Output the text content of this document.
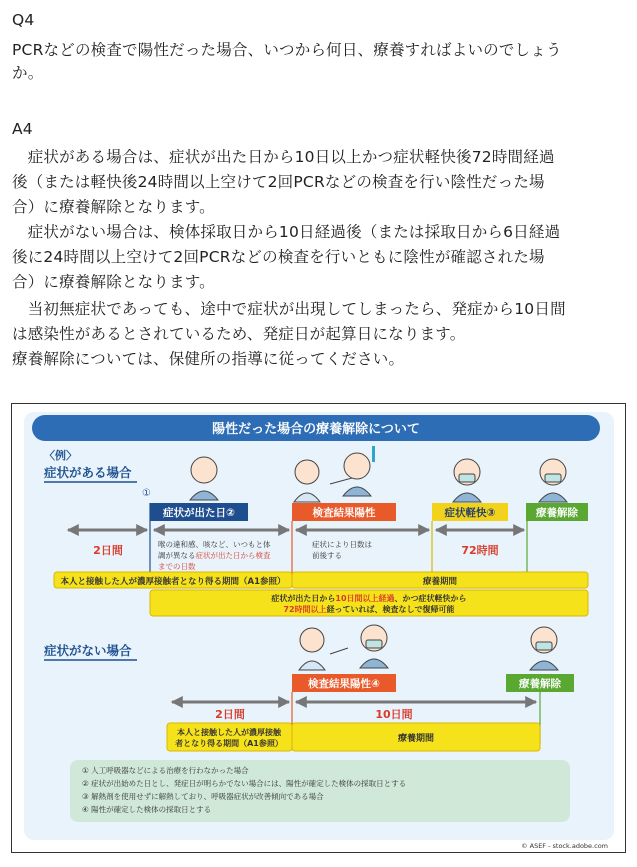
Q4
PCRなどの検査で陽性だった場合、いつから何日、療養すればよいのでしょう
か。
A4
　症状がある場合は、症状が出た日から10日以上かつ症状軽快後72時間経過
後（または軽快後24時間以上空けて2回PCRなどの検査を行い陰性だった場
合）に療養解除となります。
　症状がない場合は、検体採取日から10日経過後（または採取日から6日経過
後に24時間以上空けて2回PCRなどの検査を行いともに陰性が確認された場
合）に療養解除となります。
　当初無症状であっても、途中で症状が出現してしまったら、発症から10日間
は感染性があるとされているため、発症日が起算日になります。
療養解除については、保健所の指導に従ってください。
陽性だった場合の療養解除について
〈例〉
症状がある場合
①
症状が出た日②	検査結果陽性	症状軽快③	療養解除
2日間	喉の違和感、咳など、いつもと体
調が異なる症状が出た日から検査
までの日数
症状により日数は
前後する	72時間
本人と接触した人が濃厚接触者となり得る期間（A1参照）	療養期間
症状が出た日から10日間以上経過、かつ症状軽快から
72時間以上経っていれば、検査なしで復帰可能
症状がない場合
検査結果陽性④	療養解除
2日間	10日間
本人と接触した人が濃厚接触
者となり得る期間（A1参照）	療養期間
① 人工呼吸器などによる治療を行わなかった場合
② 症状が出始めた日とし、発症日が明らかでない場合には、陽性が確定した検体の採取日とする
③ 解熱剤を使用せずに解熱しており、呼吸器症状が改善傾向である場合
④ 陽性が確定した検体の採取日とする
© ASEF - stock.adobe.com
